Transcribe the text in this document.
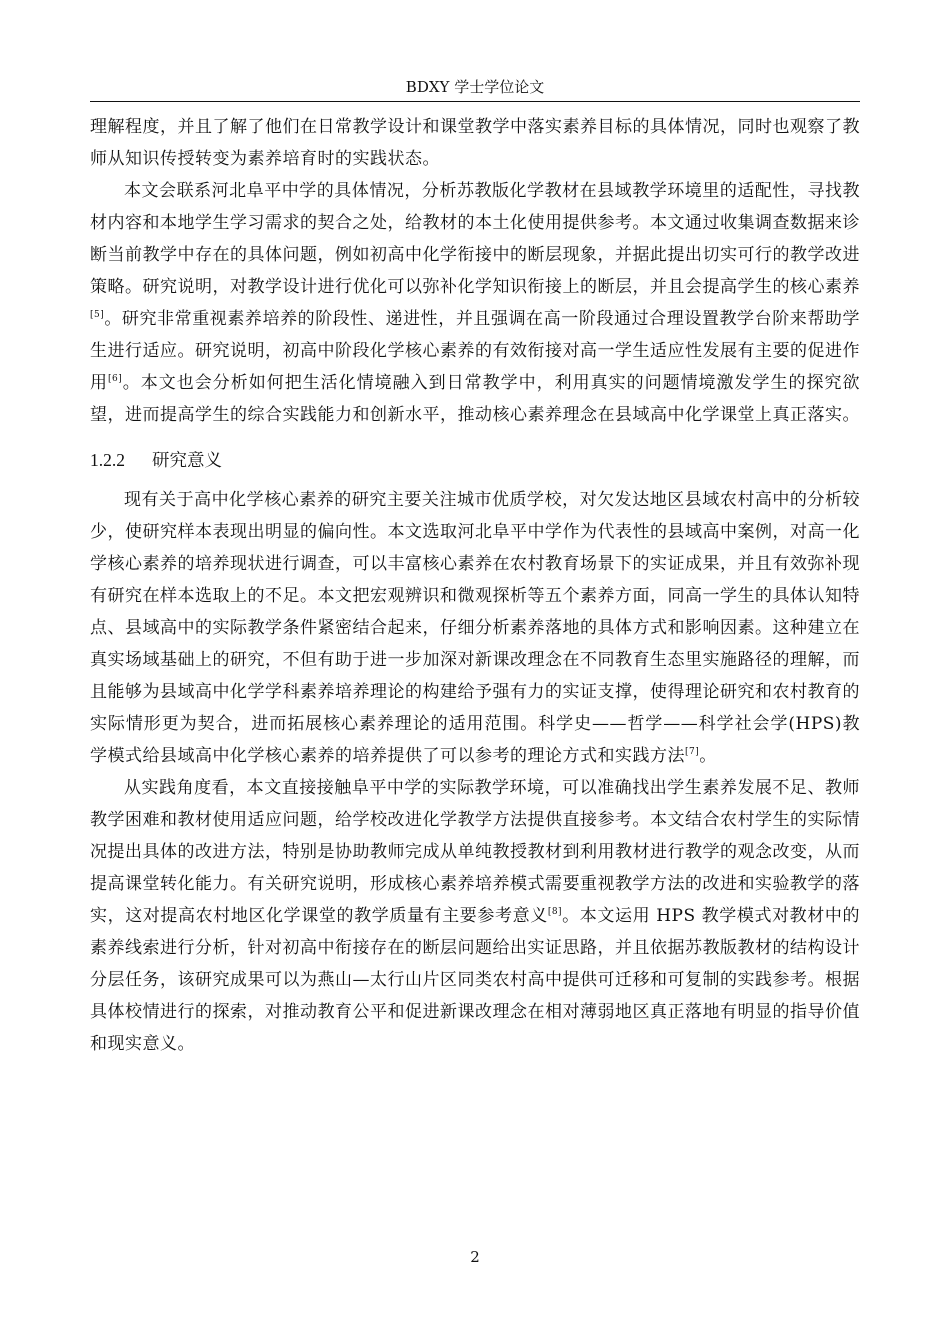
BDXY 学士学位论文

理解程度，并且了解了他们在日常教学设计和课堂教学中落实素养目标的具体情况，同时也观察了教师从知识传授转变为素养培育时的实践状态。

本文会联系河北阜平中学的具体情况，分析苏教版化学教材在县域教学环境里的适配性，寻找教材内容和本地学生学习需求的契合之处，给教材的本土化使用提供参考。本文通过收集调查数据来诊断当前教学中存在的具体问题，例如初高中化学衔接中的断层现象，并据此提出切实可行的教学改进策略。研究说明，对教学设计进行优化可以弥补化学知识衔接上的断层，并且会提高学生的核心素养[5]。研究非常重视素养培养的阶段性、递进性，并且强调在高一阶段通过合理设置教学台阶来帮助学生进行适应。研究说明，初高中阶段化学核心素养的有效衔接对高一学生适应性发展有主要的促进作用[6]。本文也会分析如何把生活化情境融入到日常教学中，利用真实的问题情境激发学生的探究欲望，进而提高学生的综合实践能力和创新水平，推动核心素养理念在县域高中化学课堂上真正落实。

1.2.2 研究意义

现有关于高中化学核心素养的研究主要关注城市优质学校，对欠发达地区县域农村高中的分析较少，使研究样本表现出明显的偏向性。本文选取河北阜平中学作为代表性的县域高中案例，对高一化学核心素养的培养现状进行调查，可以丰富核心素养在农村教育场景下的实证成果，并且有效弥补现有研究在样本选取上的不足。本文把宏观辨识和微观探析等五个素养方面，同高一学生的具体认知特点、县域高中的实际教学条件紧密结合起来，仔细分析素养落地的具体方式和影响因素。这种建立在真实场域基础上的研究，不但有助于进一步加深对新课改理念在不同教育生态里实施路径的理解，而且能够为县域高中化学学科素养培养理论的构建给予强有力的实证支撑，使得理论研究和农村教育的实际情形更为契合，进而拓展核心素养理论的适用范围。科学史——哲学——科学社会学(HPS)教学模式给县域高中化学核心素养的培养提供了可以参考的理论方式和实践方法[7]。

从实践角度看，本文直接接触阜平中学的实际教学环境，可以准确找出学生素养发展不足、教师教学困难和教材使用适应问题，给学校改进化学教学方法提供直接参考。本文结合农村学生的实际情况提出具体的改进方法，特别是协助教师完成从单纯教授教材到利用教材进行教学的观念改变，从而提高课堂转化能力。有关研究说明，形成核心素养培养模式需要重视教学方法的改进和实验教学的落实，这对提高农村地区化学课堂的教学质量有主要参考意义[8]。本文运用 HPS 教学模式对教材中的素养线索进行分析，针对初高中衔接存在的断层问题给出实证思路，并且依据苏教版教材的结构设计分层任务，该研究成果可以为燕山—太行山片区同类农村高中提供可迁移和可复制的实践参考。根据具体校情进行的探索，对推动教育公平和促进新课改理念在相对薄弱地区真正落地有明显的指导价值和现实意义。

2
